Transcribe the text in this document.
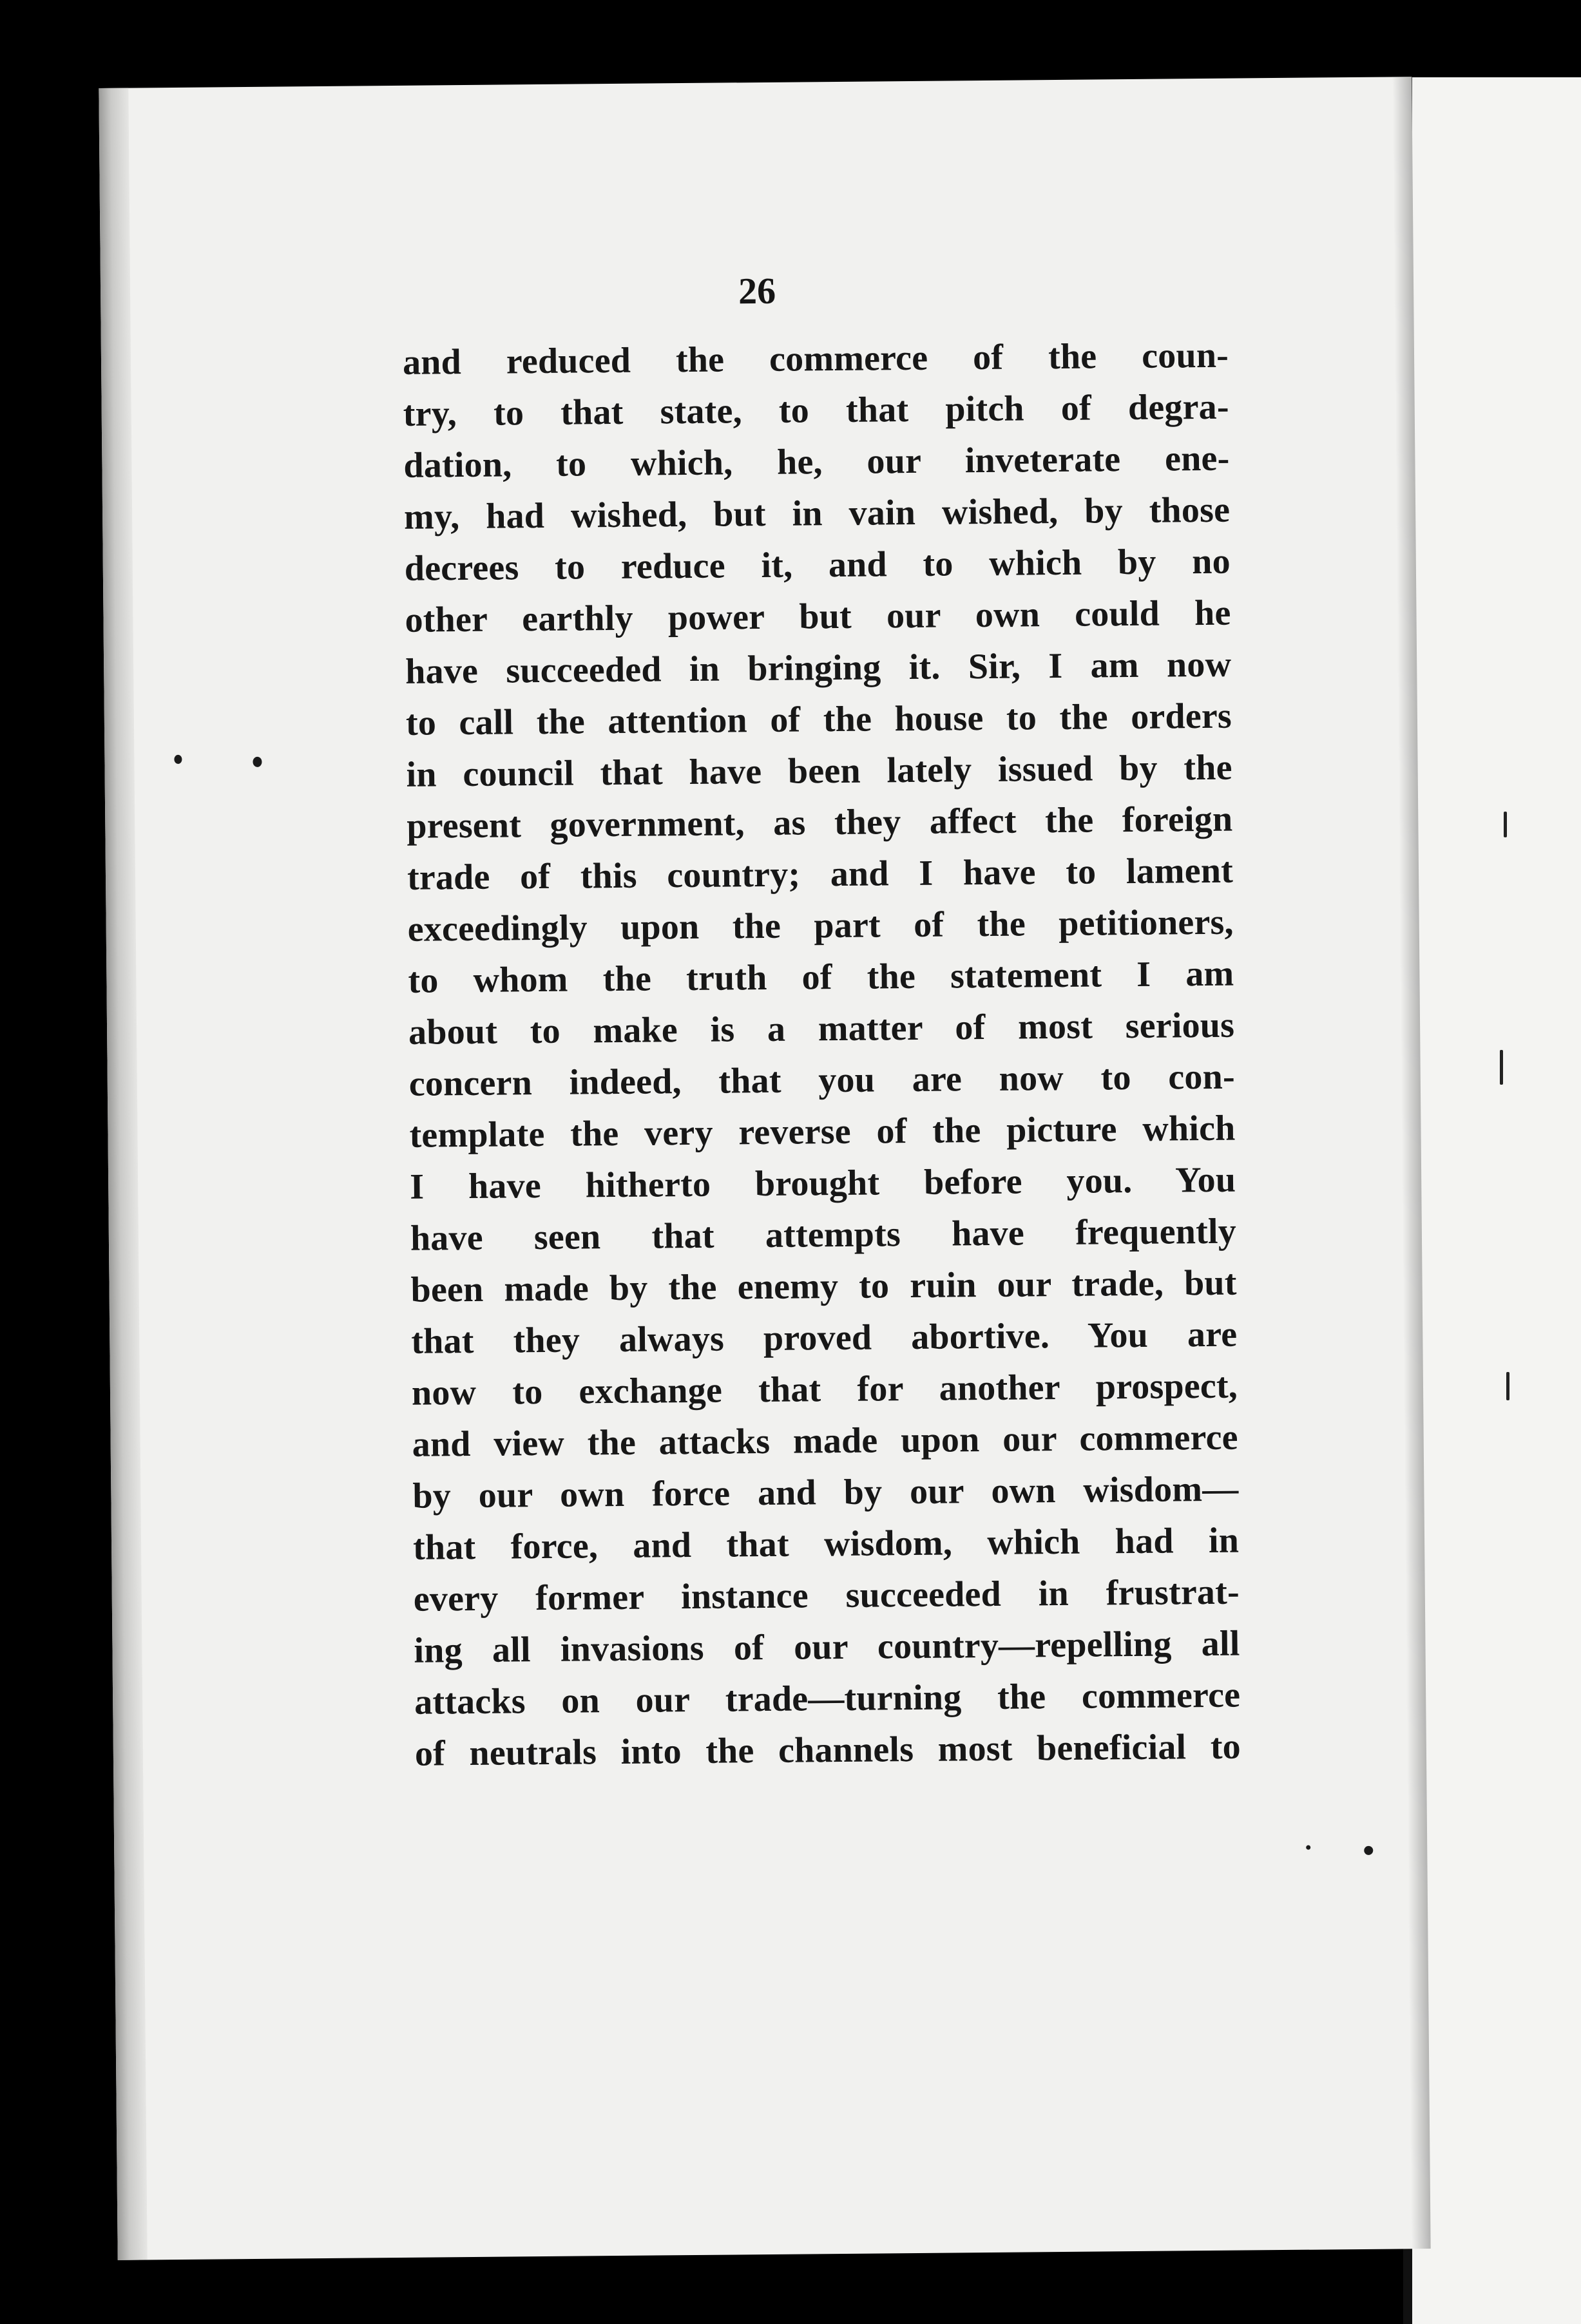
26
and reduced the commerce of the coun-
try, to that state, to that pitch of degra-
dation, to which, he, our inveterate ene-
my, had wished, but in vain wished, by those
decrees to reduce it, and to which by no
other earthly power but our own could he
have succeeded in bringing it. Sir, I am now
to call the attention of the house to the orders
in council that have been lately issued by the
present government, as they affect the foreign
trade of this country; and I have to lament
exceedingly upon the part of the petitioners,
to whom the truth of the statement I am
about to make is a matter of most serious
concern indeed, that you are now to con-
template the very reverse of the picture which
I have hitherto brought before you. You
have seen that attempts have frequently
been made by the enemy to ruin our trade, but
that they always proved abortive. You are
now to exchange that for another prospect,
and view the attacks made upon our commerce
by our own force and by our own wisdom—
that force, and that wisdom, which had in
every former instance succeeded in frustrat-
ing all invasions of our country—repelling all
attacks on our trade—turning the commerce
of neutrals into the channels most beneficial to
